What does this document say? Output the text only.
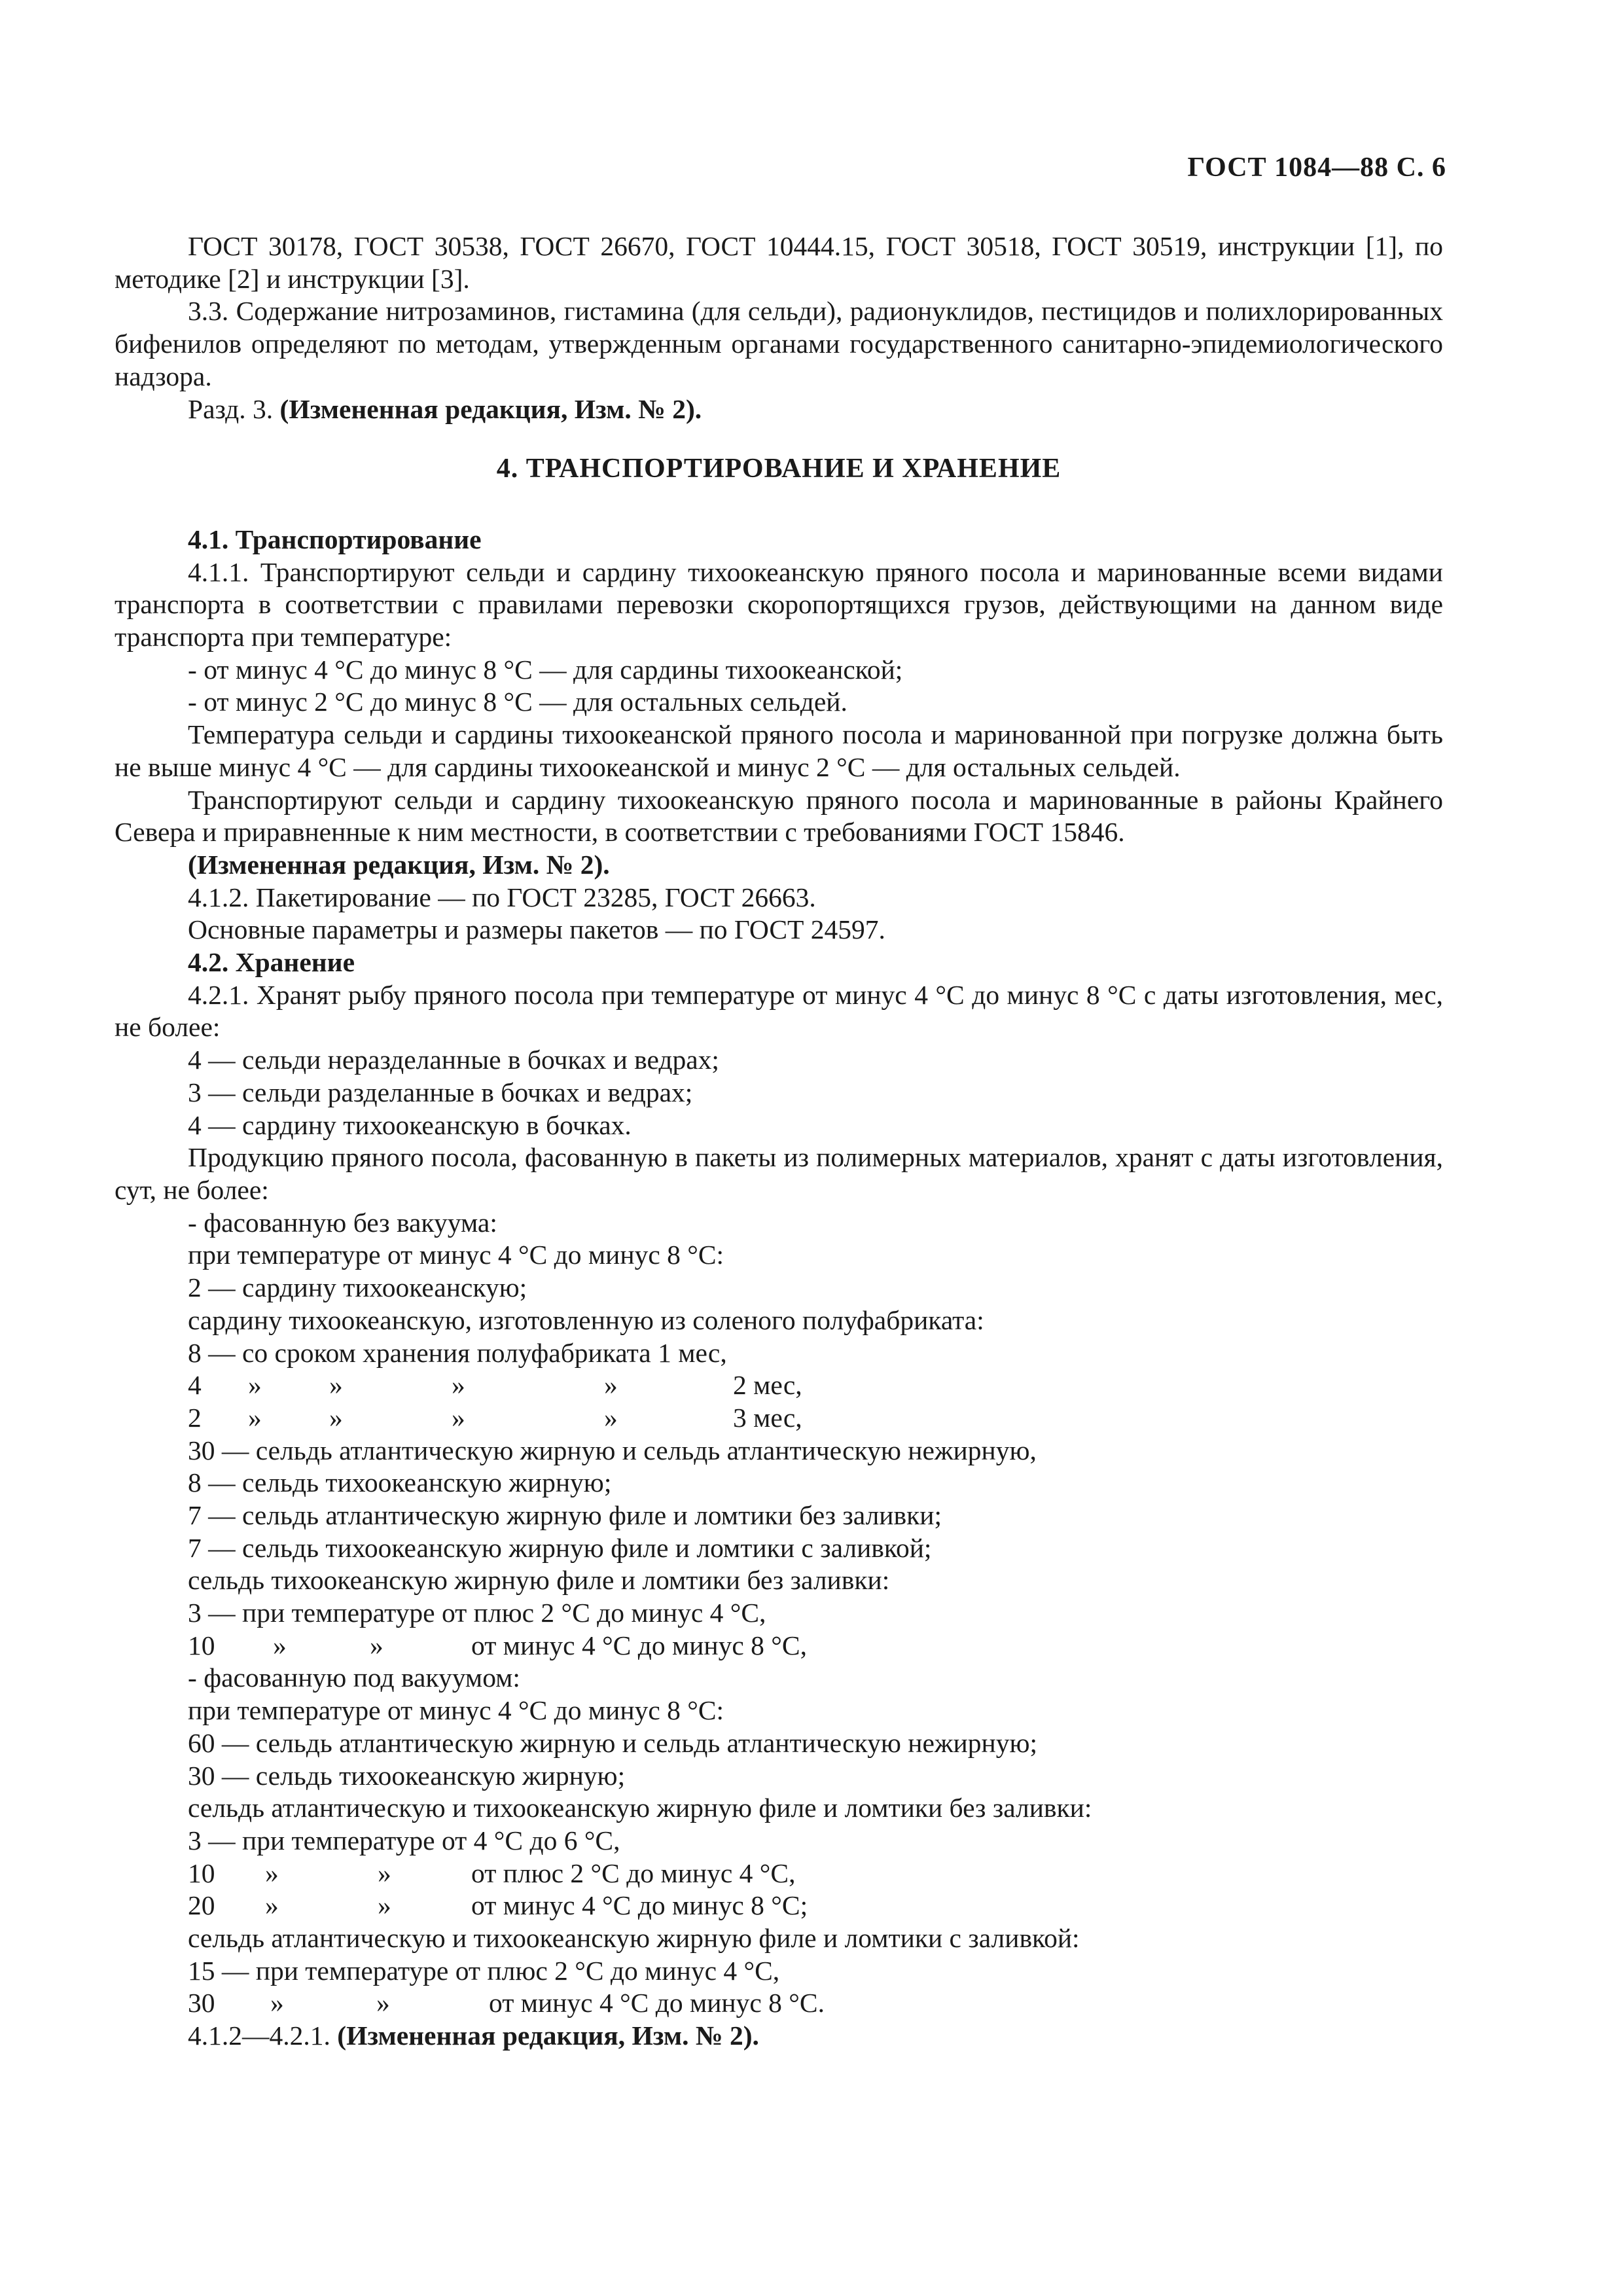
ГОСТ 1084—88 С. 6

ГОСТ 30178, ГОСТ 30538, ГОСТ 26670, ГОСТ 10444.15, ГОСТ 30518, ГОСТ 30519, инструкции [1], по методике [2] и инструкции [3].

3.3. Содержание нитрозаминов, гистамина (для сельди), радионуклидов, пестицидов и полихлорированных бифенилов определяют по методам, утвержденным органами государственного санитарно-эпидемиологического надзора.

Разд. 3. (Измененная редакция, Изм. № 2).

4. ТРАНСПОРТИРОВАНИЕ И ХРАНЕНИЕ

4.1. Транспортирование

4.1.1. Транспортируют сельди и сардину тихоокеанскую пряного посола и маринованные всеми видами транспорта в соответствии с правилами перевозки скоропортящихся грузов, действующими на данном виде транспорта при температуре:

- от минус 4 °С до минус 8 °С — для сардины тихоокеанской;

- от минус 2 °С до минус 8 °С — для остальных сельдей.

Температура сельди и сардины тихоокеанской пряного посола и маринованной при погрузке должна быть не выше минус 4 °С — для сардины тихоокеанской и минус 2 °С — для остальных сельдей.

Транспортируют сельди и сардину тихоокеанскую пряного посола и маринованные в районы Крайнего Севера и приравненные к ним местности, в соответствии с требованиями ГОСТ 15846.

(Измененная редакция, Изм. № 2).

4.1.2. Пакетирование — по ГОСТ 23285, ГОСТ 26663.

Основные параметры и размеры пакетов — по ГОСТ 24597.

4.2. Хранение

4.2.1. Хранят рыбу пряного посола при температуре от минус 4 °С до минус 8 °С с даты изготовления, мес, не более:

4 — сельди неразделанные в бочках и ведрах;

3 — сельди разделанные в бочках и ведрах;

4 — сардину тихоокеанскую в бочках.

Продукцию пряного посола, фасованную в пакеты из полимерных материалов, хранят с даты изготовления, сут, не более:

- фасованную без вакуума:

при температуре от минус 4 °С до минус 8 °С:

2 — сардину тихоокеанскую;

сардину тихоокеанскую, изготовленную из соленого полуфабриката:

8 — со сроком хранения полуфабриката 1 мес,

4 » »	»	»	2 мес,
2 » »	»	»	3 мес,

30 — сельдь атлантическую жирную и сельдь атлантическую нежирную,

8 — сельдь тихоокеанскую жирную;

7 — сельдь атлантическую жирную филе и ломтики без заливки;

7 — сельдь тихоокеанскую жирную филе и ломтики с заливкой;

сельдь тихоокеанскую жирную филе и ломтики без заливки:

3 — при температуре от плюс 2 °С до минус 4 °С,

10 »	»	от минус 4 °С до минус 8 °С,

- фасованную под вакуумом:

при температуре от минус 4 °С до минус 8 °С:

60 — сельдь атлантическую жирную и сельдь атлантическую нежирную;

30 — сельдь тихоокеанскую жирную;

сельдь атлантическую и тихоокеанскую жирную филе и ломтики без заливки:

3 — при температуре от 4 °С до 6 °С,

10 »	»	от плюс 2 °С до минус 4 °С,
20 »	»	от минус 4 °С до минус 8 °С;

сельдь атлантическую и тихоокеанскую жирную филе и ломтики с заливкой:

15 — при температуре от плюс 2 °С до минус 4 °С,

30 »	»	от минус 4 °С до минус 8 °С.

4.1.2—4.2.1. (Измененная редакция, Изм. № 2).
